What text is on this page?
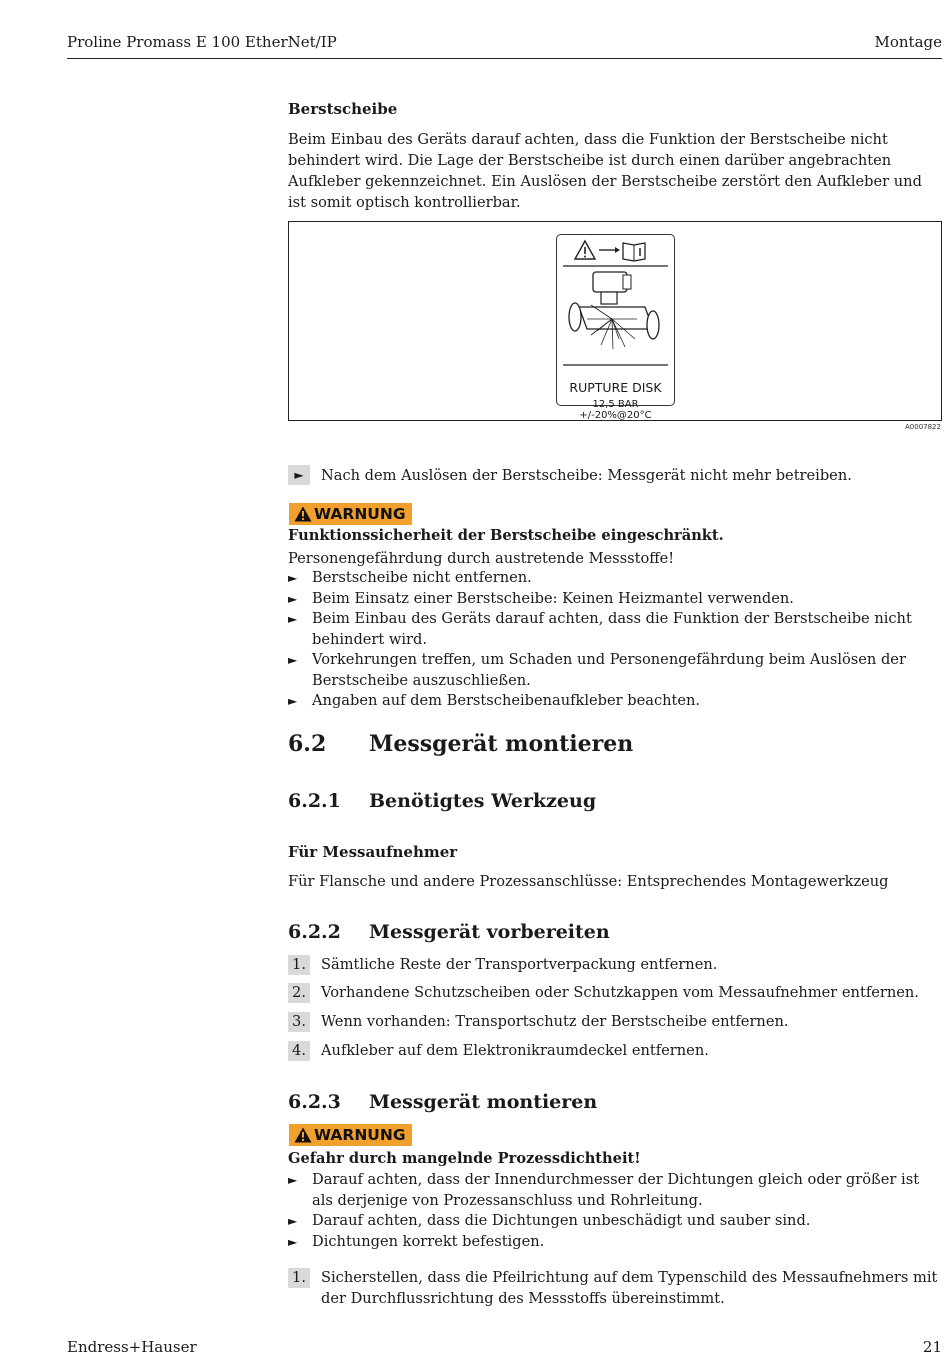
Proline Promass E 100 EtherNet/IP	Montage
Berstscheibe
Beim Einbau des Geräts darauf achten, dass die Funktion der Berstscheibe nicht behindert wird. Die Lage der Berstscheibe ist durch einen darüber angebrachten Aufkleber gekennzeichnet. Ein Auslösen der Berstscheibe zerstört den Aufkleber und ist somit optisch kontrollierbar.
RUPTURE DISK
12,5 BAR +/-20%@20°C
A0007822
►	Nach dem Auslösen der Berstscheibe: Messgerät nicht mehr betreiben.
WARNUNG
Funktionssicherheit der Berstscheibe eingeschränkt.
Personengefährdung durch austretende Messstoffe!
► Berstscheibe nicht entfernen.
► Beim Einsatz einer Berstscheibe: Keinen Heizmantel verwenden.
► Beim Einbau des Geräts darauf achten, dass die Funktion der Berstscheibe nicht behindert wird.
► Vorkehrungen treffen, um Schaden und Personengefährdung beim Auslösen der Berstscheibe auszuschließen.
► Angaben auf dem Berstscheibenaufkleber beachten.
6.2 Messgerät montieren
6.2.1 Benötigtes Werkzeug
Für Messaufnehmer
Für Flansche und andere Prozessanschlüsse: Entsprechendes Montagewerkzeug
6.2.2 Messgerät vorbereiten
1. Sämtliche Reste der Transportverpackung entfernen.
2. Vorhandene Schutzscheiben oder Schutzkappen vom Messaufnehmer entfernen.
3. Wenn vorhanden: Transportschutz der Berstscheibe entfernen.
4. Aufkleber auf dem Elektronikraumdeckel entfernen.
6.2.3 Messgerät montieren
WARNUNG
Gefahr durch mangelnde Prozessdichtheit!
► Darauf achten, dass der Innendurchmesser der Dichtungen gleich oder größer ist als derjenige von Prozessanschluss und Rohrleitung.
► Darauf achten, dass die Dichtungen unbeschädigt und sauber sind.
► Dichtungen korrekt befestigen.
1. Sicherstellen, dass die Pfeilrichtung auf dem Typenschild des Messaufnehmers mit der Durchflussrichtung des Messstoffs übereinstimmt.
Endress+Hauser	21
